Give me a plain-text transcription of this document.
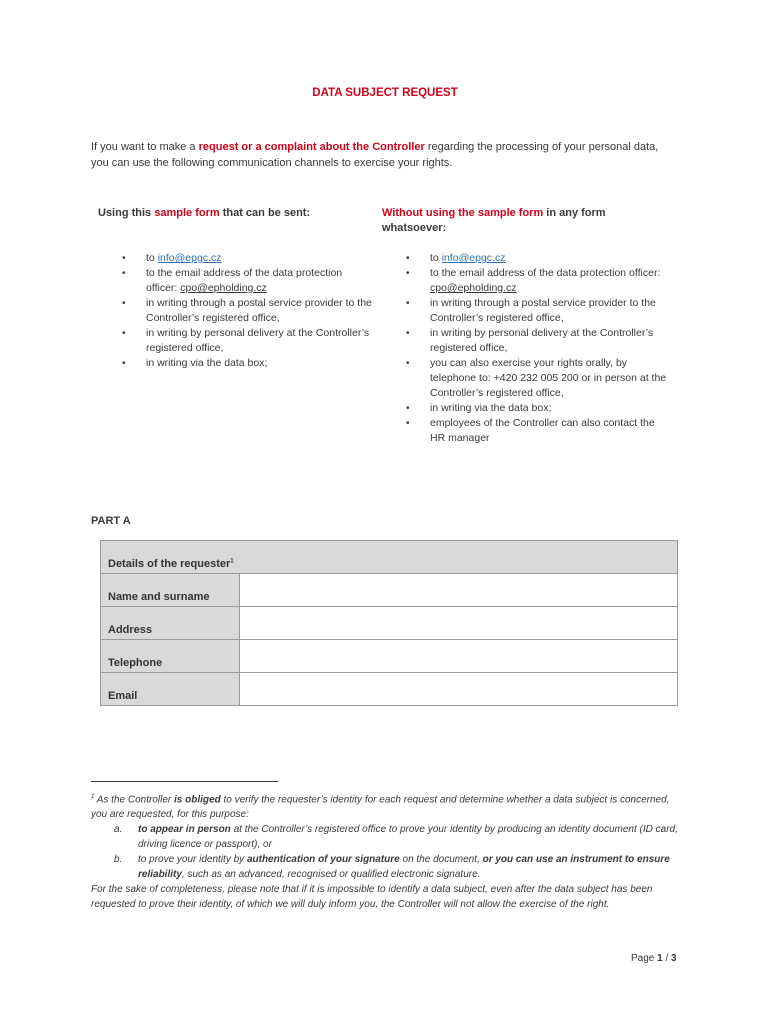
DATA SUBJECT REQUEST
If you want to make a request or a complaint about the Controller regarding the processing of your personal data, you can use the following communication channels to exercise your rights.
Using this sample form that can be sent:
• to info@epgc.cz
• to the email address of the data protection officer: cpo@epholding.cz
• in writing through a postal service provider to the Controller’s registered office,
• in writing by personal delivery at the Controller’s registered office,
• in writing via the data box;
Without using the sample form in any form whatsoever:
• to info@epgc.cz
• to the email address of the data protection officer: cpo@epholding.cz
• in writing through a postal service provider to the Controller’s registered office,
• in writing by personal delivery at the Controller’s registered office,
• you can also exercise your rights orally, by telephone to: +420 232 005 200 or in person at the Controller’s registered office,
• in writing via the data box;
• employees of the Controller can also contact the HR manager
PART A
Details of the requester$^1$
Name and surname	
Address	
Telephone	
Email	
$^1$ As the Controller is obliged to verify the requester’s identity for each request and determine whether a data subject is concerned, you are requested, for this purpose:
a. to appear in person at the Controller’s registered office to prove your identity by producing an identity document (ID card, driving licence or passport), or
b. to prove your identity by authentication of your signature on the document, or you can use an instrument to ensure reliability, such as an advanced, recognised or qualified electronic signature.
For the sake of completeness, please note that if it is impossible to identify a data subject, even after the data subject has been requested to prove their identity, of which we will duly inform you, the Controller will not allow the exercise of the right.
Page 1 / 3
